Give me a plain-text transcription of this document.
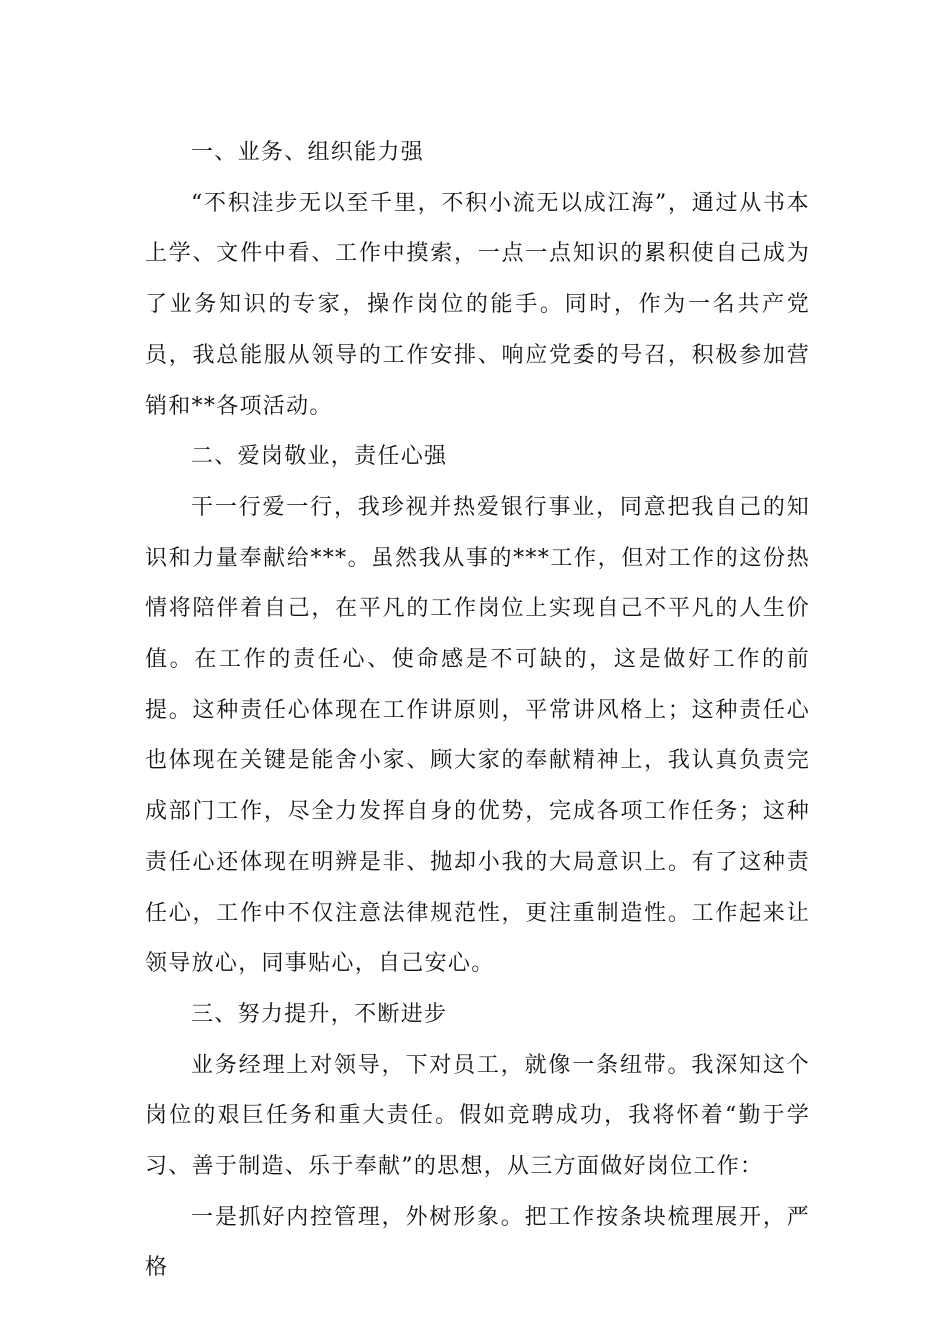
一、业务、组织能力强

“不积洼步无以至千里，不积小流无以成江海”，通过从书本上学、文件中看、工作中摸索，一点一点知识的累积使自己成为了业务知识的专家，操作岗位的能手。同时，作为一名共产党员，我总能服从领导的工作安排、响应党委的号召，积极参加营销和**各项活动。

二、爱岗敬业，责任心强

干一行爱一行，我珍视并热爱银行事业，同意把我自己的知识和力量奉献给***。虽然我从事的***工作，但对工作的这份热情将陪伴着自己，在平凡的工作岗位上实现自己不平凡的人生价值。在工作的责任心、使命感是不可缺的，这是做好工作的前提。这种责任心体现在工作讲原则，平常讲风格上；这种责任心也体现在关键是能舍小家、顾大家的奉献精神上，我认真负责完成部门工作，尽全力发挥自身的优势，完成各项工作任务；这种责任心还体现在明辨是非、抛却小我的大局意识上。有了这种责任心，工作中不仅注意法律规范性，更注重制造性。工作起来让领导放心，同事贴心，自己安心。

三、努力提升，不断进步

业务经理上对领导，下对员工，就像一条纽带。我深知这个岗位的艰巨任务和重大责任。假如竞聘成功，我将怀着“勤于学习、善于制造、乐于奉献”的思想，从三方面做好岗位工作：

一是抓好内控管理，外树形象。把工作按条块梳理展开，严格
